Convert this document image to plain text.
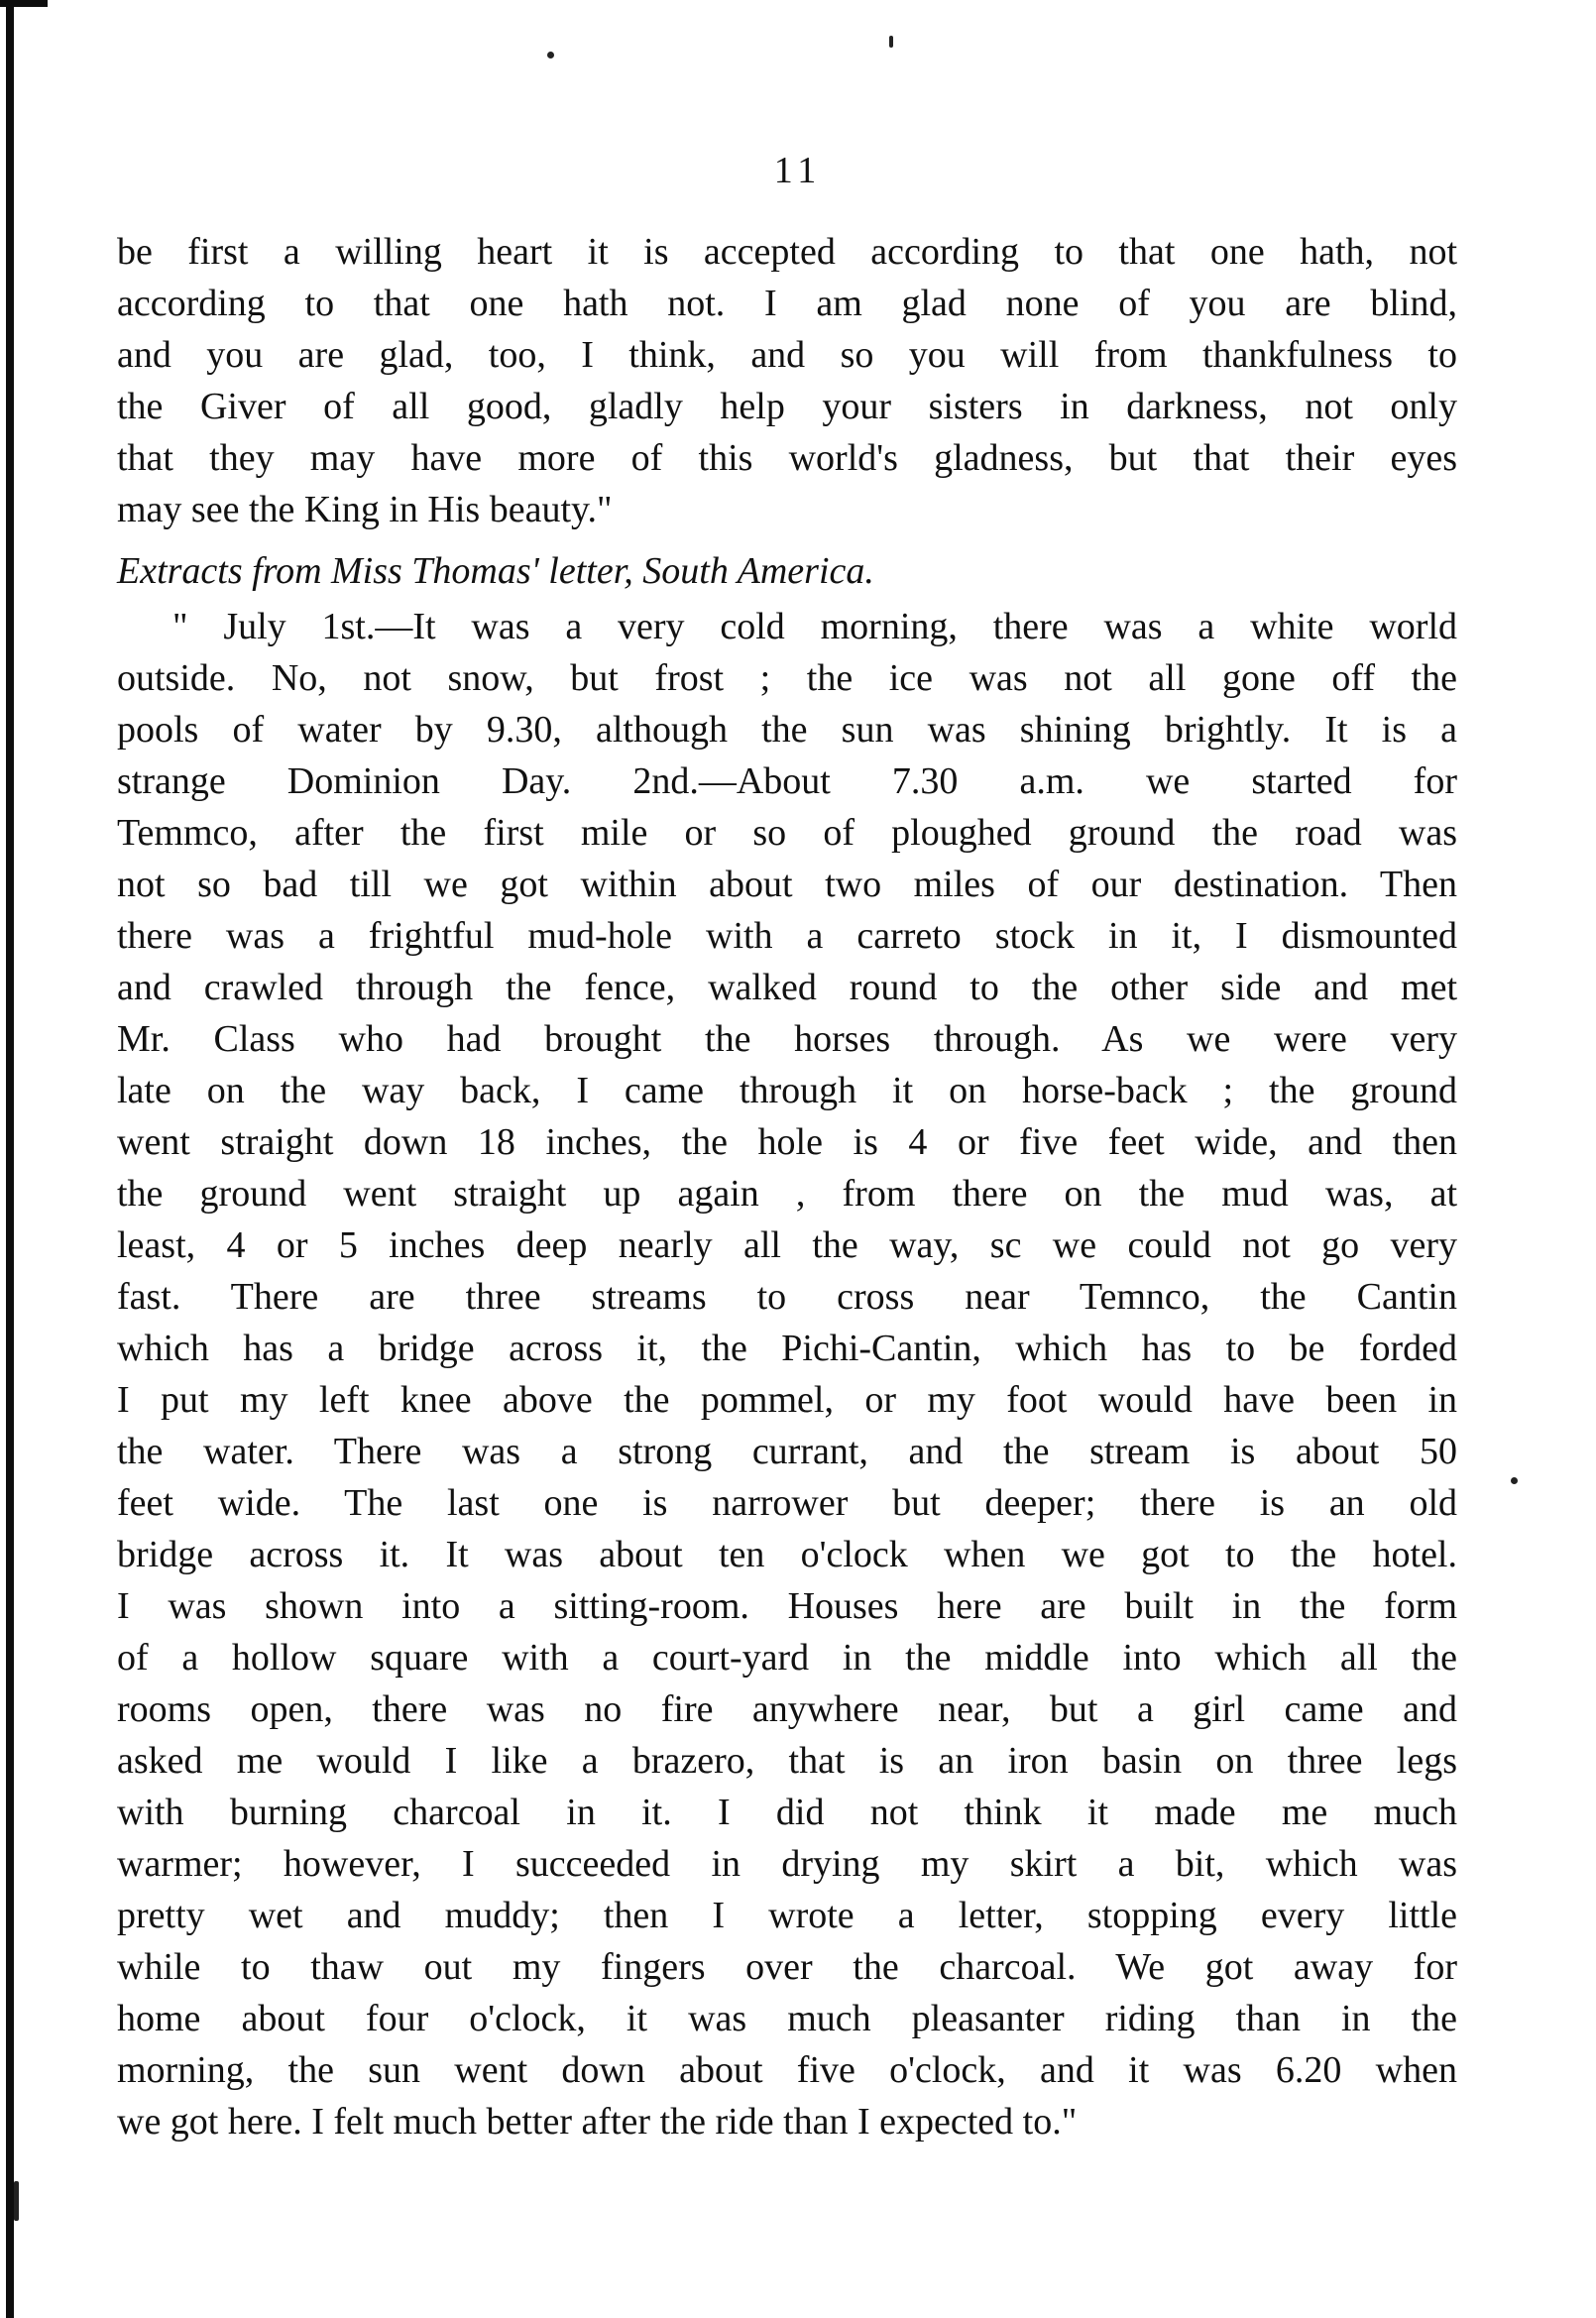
11
be first a willing heart it is accepted according to that one hath, not
according to that one hath not. I am glad none of you are blind,
and you are glad, too, I think, and so you will from thankfulness to
the Giver of all good, gladly help your sisters in darkness, not only
that they may have more of this world's gladness, but that their eyes
may see the King in His beauty."
Extracts from Miss Thomas' letter, South America.
" July 1st.—It was a very cold morning, there was a white world
outside. No, not snow, but frost ; the ice was not all gone off the
pools of water by 9.30, although the sun was shining brightly. It is a
strange Dominion Day. 2nd.—About 7.30 a.m. we started for
Temmco, after the first mile or so of ploughed ground the road was
not so bad till we got within about two miles of our destination. Then
there was a frightful mud-hole with a carreto stock in it, I dismounted
and crawled through the fence, walked round to the other side and met
Mr. Class who had brought the horses through. As we were very
late on the way back, I came through it on horse-back ; the ground
went straight down 18 inches, the hole is 4 or five feet wide, and then
the ground went straight up again , from there on the mud was, at
least, 4 or 5 inches deep nearly all the way, sc we could not go very
fast. There are three streams to cross near Temnco, the Cantin
which has a bridge across it, the Pichi-Cantin, which has to be forded
I put my left knee above the pommel, or my foot would have been in
the water. There was a strong currant, and the stream is about 50
feet wide. The last one is narrower but deeper; there is an old
bridge across it. It was about ten o'clock when we got to the hotel.
I was shown into a sitting-room. Houses here are built in the form
of a hollow square with a court-yard in the middle into which all the
rooms open, there was no fire anywhere near, but a girl came and
asked me would I like a brazero, that is an iron basin on three legs
with burning charcoal in it. I did not think it made me much
warmer; however, I succeeded in drying my skirt a bit, which was
pretty wet and muddy; then I wrote a letter, stopping every little
while to thaw out my fingers over the charcoal. We got away for
home about four o'clock, it was much pleasanter riding than in the
morning, the sun went down about five o'clock, and it was 6.20 when
we got here. I felt much better after the ride than I expected to."
